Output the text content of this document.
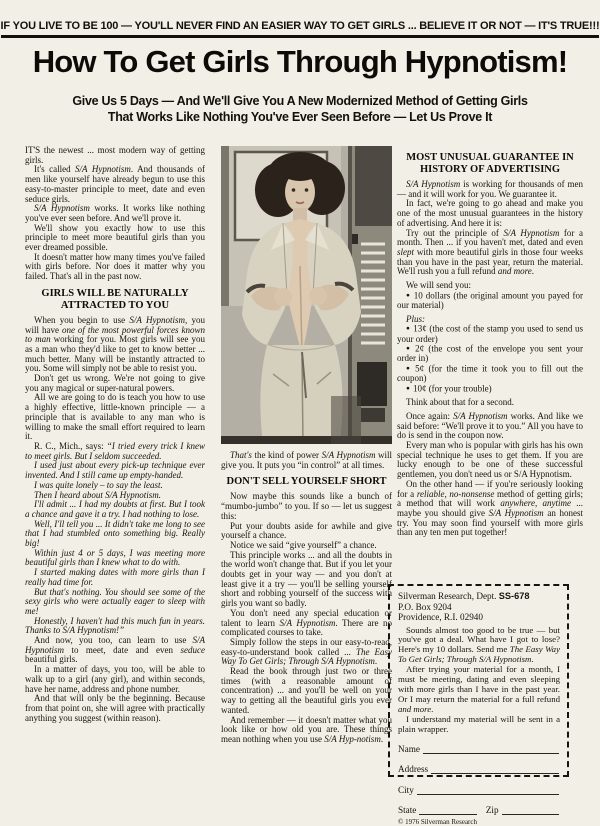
IF YOU LIVE TO BE 100 — YOU'LL NEVER FIND AN EASIER WAY TO GET GIRLS ... BELIEVE IT OR NOT — IT'S TRUE!!!
How To Get Girls Through Hypnotism!
Give Us 5 Days — And We'll Give You A New Modernized Method of Getting Girls
That Works Like Nothing You've Ever Seen Before — Let Us Prove It

IT'S the newest ... most modern way of getting girls.

It's called S/A Hypnotism. And thousands of men like yourself have already begun to use this easy-to-master principle to meet, date and even seduce girls.

S/A Hypnotism works. It works like nothing you've ever seen before. And we'll prove it.

We'll show you exactly how to use this principle to meet more beautiful girls than you ever dreamed possible.

It doesn't matter how many times you've failed with girls before. Nor does it matter why you failed. That's all in the past now.

GIRLS WILL BE NATURALLY ATTRACTED TO YOU

When you begin to use S/A Hypnotism, you will have one of the most powerful forces known to man working for you. Most girls will see you as a man who they'd like to get to know better ... much better. Many will be instantly attracted to you. Some will simply not be able to resist you.

Don't get us wrong. We're not going to give you any magical or super-natural powers.

All we are going to do is teach you how to use a highly effective, little-known principle — a principle that is available to any man who is willing to make the small effort required to learn it.

R. C., Mich., says: “I tried every trick I knew to meet girls. But I seldom succeeded.

I used just about every pick-up technique ever invented. And I still came up empty-handed.

I was quite lonely – to say the least.

Then I heard about S/A Hypnotism.

I'll admit ... I had my doubts at first. But I took a chance and gave it a try. I had nothing to lose.

Well, I'll tell you ... It didn't take me long to see that I had stumbled onto something big. Really big!

Within just 4 or 5 days, I was meeting more beautiful girls than I knew what to do with.

I started making dates with more girls than I really had time for.

But that's nothing. You should see some of the sexy girls who were actually eager to sleep with me!

Honestly, I haven't had this much fun in years. Thanks to S/A Hypnotism!”

And now, you too, can learn to use S/A Hypnotism to meet, date and even seduce beautiful girls.

In a matter of days, you too, will be able to walk up to a girl (any girl), and within seconds, have her name, address and phone number.

And that will only be the beginning. Because from that point on, she will agree with practically anything you suggest (within reason).

That's the kind of power S/A Hypnotism will give you. It puts you “in control” at all times.

DON'T SELL YOURSELF SHORT

Now maybe this sounds like a bunch of “mumbo-jumbo” to you. If so — let us suggest this:

Put your doubts aside for awhile and give yourself a chance.

Notice we said “give yourself” a chance.

This principle works ... and all the doubts in the world won't change that. But if you let your doubts get in your way — and you don't at least give it a try — you'll be selling yourself short and robbing yourself of the success with girls you want so badly.

You don't need any special education or talent to learn S/A Hypnotism. There are no complicated courses to take.

Simply follow the steps in our easy-to-read, easy-to-understand book called ... The Easy Way To Get Girls; Through S/A Hypnotism.

Read the book through just two or three times (with a reasonable amount of concentration) ... and you'll be well on your way to getting all the beautiful girls you ever wanted.

And remember — it doesn't matter what you look like or how old you are. These things mean nothing when you use S/A Hyp-notism.

MOST UNUSUAL GUARANTEE IN HISTORY OF ADVERTISING

S/A Hypnotism is working for thousands of men — and it will work for you. We guarantee it.

In fact, we're going to go ahead and make you one of the most unusual guarantees in the history of advertising. And here it is:

Try out the principle of S/A Hypnotism for a month. Then ... if you haven't met, dated and even slept with more beautiful girls in those four weeks than you have in the past year, return the material. We'll rush you a full refund and more.

We will send you:

● 10 dollars (the original amount you payed for our material)

Plus:

● 13¢ (the cost of the stamp you used to send us your order)

● 2¢ (the cost of the envelope you sent your order in)

● 5¢ (for the time it took you to fill out the coupon)

● 10¢ (for your trouble)

Think about that for a second.

Once again: S/A Hypnotism works. And like we said before: “We'll prove it to you.” All you have to do is send in the coupon now.

Every man who is popular with girls has his own special technique he uses to get them. If you are lucky enough to be one of these successful gentlemen, you don't need us or S/A Hypnotism.

On the other hand — if you're seriously looking for a reliable, no-nonsense method of getting girls; a method that will work anywhere, anytime ... maybe you should give S/A Hypnotism an honest try. You may soon find yourself with more girls than any ten men put together!

Silverman Research, Dept. SS-678
P.O. Box 9204
Providence, R.I. 02940

Sounds almost too good to be true — but you've got a deal. What have I got to lose? Here's my 10 dollars. Send me The Easy Way To Get Girls; Through S/A Hypnotism.

After trying your material for a month, I must be meeting, dating and even sleeping with more girls than I have in the past year. Or I may return the material for a full refund and more.

I understand my material will be sent in a plain wrapper.

Name
Address
City
State	Zip
© 1976 Silverman Research
